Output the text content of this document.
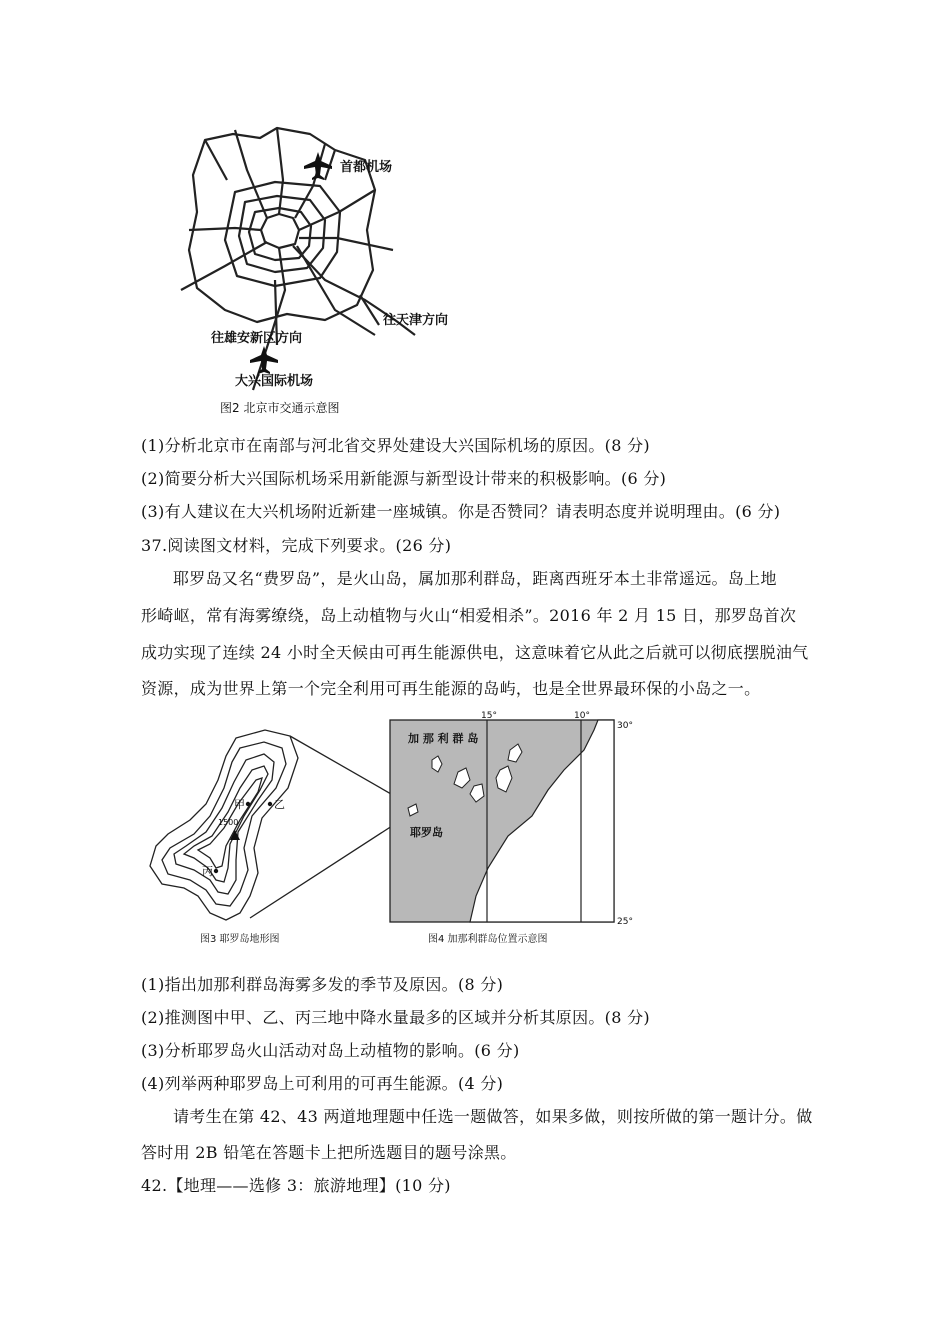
首都机场
往天津方向
往雄安新区方向
大兴国际机场
图2 北京市交通示意图
(1)分析北京市在南部与河北省交界处建设大兴国际机场的原因。(8 分)
(2)简要分析大兴国际机场采用新能源与新型设计带来的积极影响。(6 分)
(3)有人建议在大兴机场附近新建一座城镇。你是否赞同？请表明态度并说明理由。(6 分)
37.阅读图文材料，完成下列要求。(26 分)
耶罗岛又名“费罗岛”，是火山岛，属加那利群岛，距离西班牙本土非常遥远。岛上地
形崎岖，常有海雾缭绕，岛上动植物与火山“相爱相杀”。2016 年 2 月 15 日，那罗岛首次
成功实现了连续 24 小时全天候由可再生能源供电，这意味着它从此之后就可以彻底摆脱油气
资源，成为世界上第一个完全利用可再生能源的岛屿，也是全世界最环保的小岛之一。
甲	乙
丙
1500
图3 耶罗岛地形图
15°	10°
30°
25°
加 那 利 群 岛
耶罗岛
图4 加那利群岛位置示意图
(1)指出加那利群岛海雾多发的季节及原因。(8 分)
(2)推测图中甲、乙、丙三地中降水量最多的区域并分析其原因。(8 分)
(3)分析耶罗岛火山活动对岛上动植物的影响。(6 分)
(4)列举两种耶罗岛上可利用的可再生能源。(4 分)
请考生在第 42、43 两道地理题中任选一题做答，如果多做，则按所做的第一题计分。做
答时用 2B 铅笔在答题卡上把所选题目的题号涂黑。
42.【地理——选修 3：旅游地理】(10 分)
